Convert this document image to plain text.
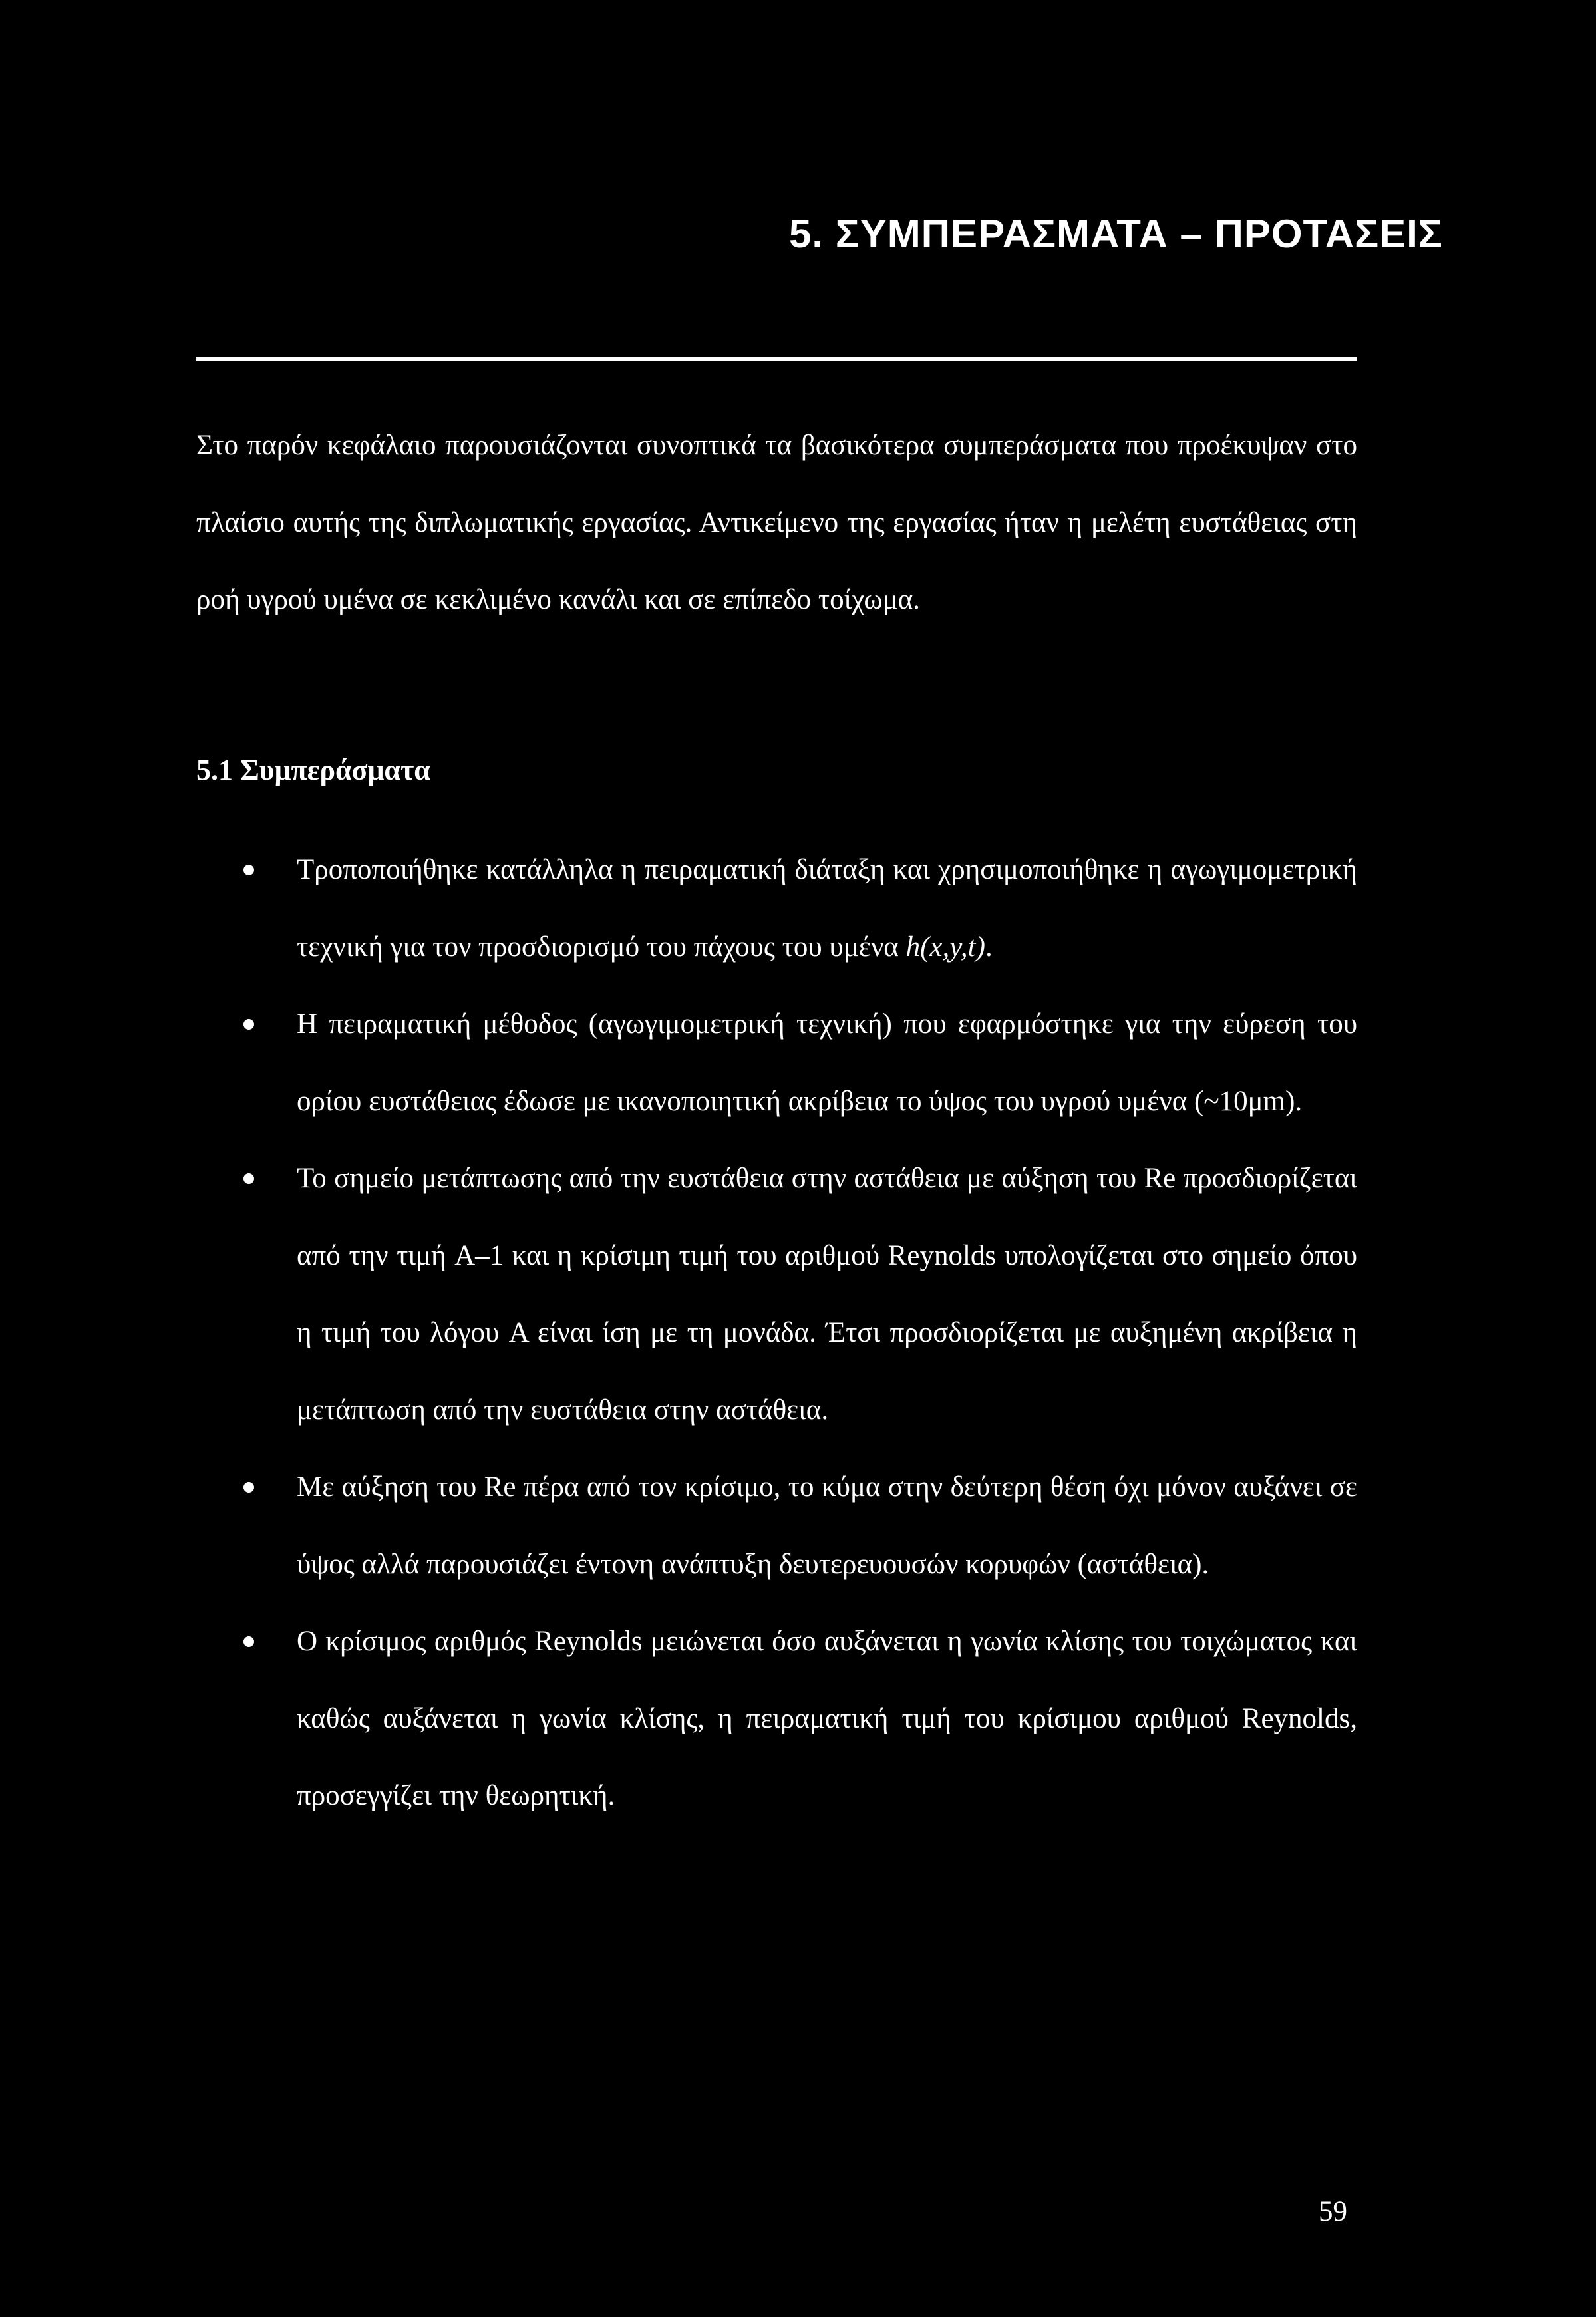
5. ΣΥΜΠΕΡΑΣΜΑΤΑ – ΠΡΟΤΑΣΕΙΣ

Στο παρόν κεφάλαιο παρουσιάζονται συνοπτικά τα βασικότερα συμπεράσματα που προέκυψαν στο πλαίσιο αυτής της διπλωματικής εργασίας. Αντικείμενο της εργασίας ήταν η μελέτη ευστάθειας στη ροή υγρού υμένα σε κεκλιμένο κανάλι και σε επίπεδο τοίχωμα.

5.1 Συμπεράσματα
Τροποποιήθηκε κατάλληλα η πειραματική διάταξη και χρησιμοποιήθηκε η αγωγιμομετρική τεχνική για τον προσδιορισμό του πάχους του υμένα h(x,y,t).
Η πειραματική μέθοδος (αγωγιμομετρική τεχνική) που εφαρμόστηκε για την εύρεση του ορίου ευστάθειας έδωσε με ικανοποιητική ακρίβεια το ύψος του υγρού υμένα (~10μm).
Το σημείο μετάπτωσης από την ευστάθεια στην αστάθεια με αύξηση του Re προσδιορίζεται από την τιμή A–1 και η κρίσιμη τιμή του αριθμού Reynolds υπολογίζεται στο σημείο όπου η τιμή του λόγου A είναι ίση με τη μονάδα. Έτσι προσδιορίζεται με αυξημένη ακρίβεια η μετάπτωση από την ευστάθεια στην αστάθεια.
Με αύξηση του Re πέρα από τον κρίσιμο, το κύμα στην δεύτερη θέση όχι μόνον αυξάνει σε ύψος αλλά παρουσιάζει έντονη ανάπτυξη δευτερευουσών κορυφών (αστάθεια).
Ο κρίσιμος αριθμός Reynolds μειώνεται όσο αυξάνεται η γωνία κλίσης του τοιχώματος και καθώς αυξάνεται η γωνία κλίσης, η πειραματική τιμή του κρίσιμου αριθμού Reynolds, προσεγγίζει την θεωρητική.
59
